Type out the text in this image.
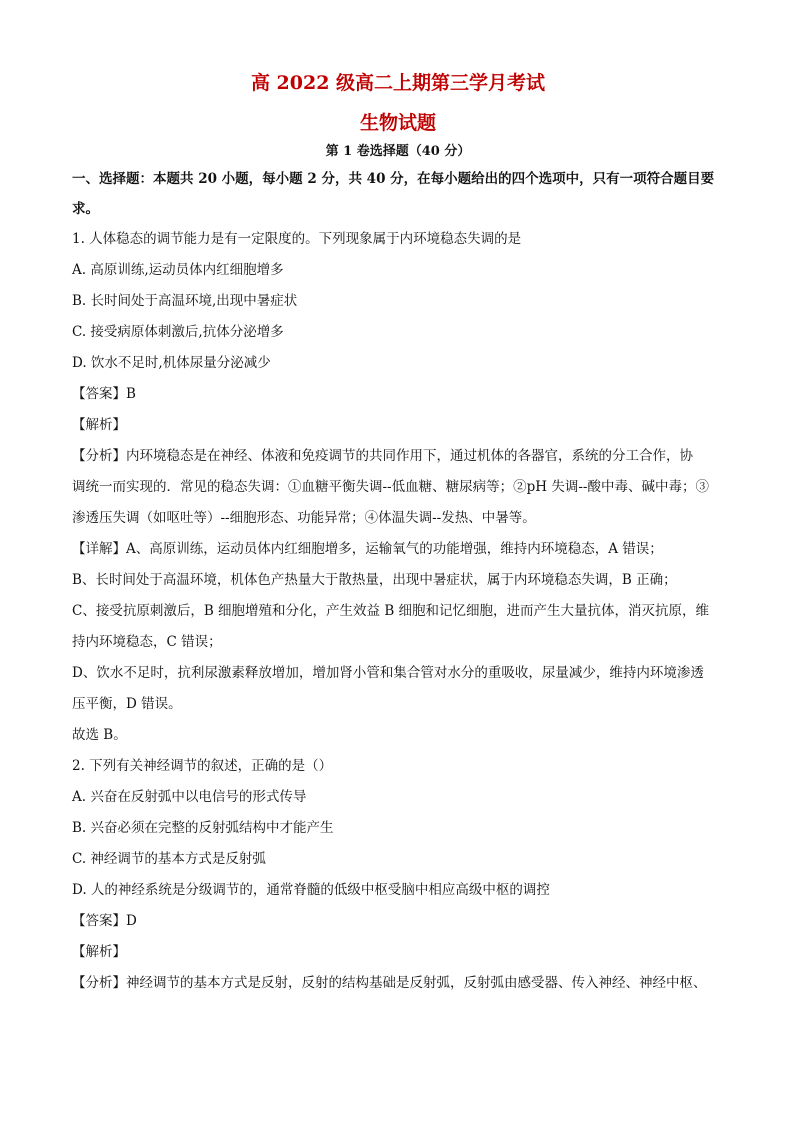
高 2022 级高二上期第三学月考试
生物试题
第 1 卷选择题（40 分）
一、选择题：本题共 20 小题，每小题 2 分，共 40 分，在每小题给出的四个选项中，只有一项符合题目要
求。
1. 人体稳态的调节能力是有一定限度的。下列现象属于内环境稳态失调的是
A. 高原训练,运动员体内红细胞增多
B. 长时间处于高温环境,出现中暑症状
C. 接受病原体刺激后,抗体分泌增多
D. 饮水不足时,机体尿量分泌减少
【答案】B
【解析】
【分析】内环境稳态是在神经、体液和免疫调节的共同作用下，通过机体的各器官，系统的分工合作，协
调统一而实现的．常见的稳态失调：①血糖平衡失调--低血糖、糖尿病等；②pH 失调--酸中毒、碱中毒；③
渗透压失调（如呕吐等）--细胞形态、功能异常；④体温失调--发热、中暑等。
【详解】A、高原训练，运动员体内红细胞增多，运输氧气的功能增强，维持内环境稳态，A 错误；
B、长时间处于高温环境，机体色产热量大于散热量，出现中暑症状，属于内环境稳态失调，B 正确；
C、接受抗原刺激后，B 细胞增殖和分化，产生效益 B 细胞和记忆细胞，进而产生大量抗体，消灭抗原，维
持内环境稳态，C 错误；
D、饮水不足时，抗利尿激素释放增加，增加肾小管和集合管对水分的重吸收，尿量减少，维持内环境渗透
压平衡，D 错误。
故选 B。
2. 下列有关神经调节的叙述，正确的是（）
A. 兴奋在反射弧中以电信号的形式传导
B. 兴奋必须在完整的反射弧结构中才能产生
C. 神经调节的基本方式是反射弧
D. 人的神经系统是分级调节的，通常脊髓的低级中枢受脑中相应高级中枢的调控
【答案】D
【解析】
【分析】神经调节的基本方式是反射，反射的结构基础是反射弧，反射弧由感受器、传入神经、神经中枢、
